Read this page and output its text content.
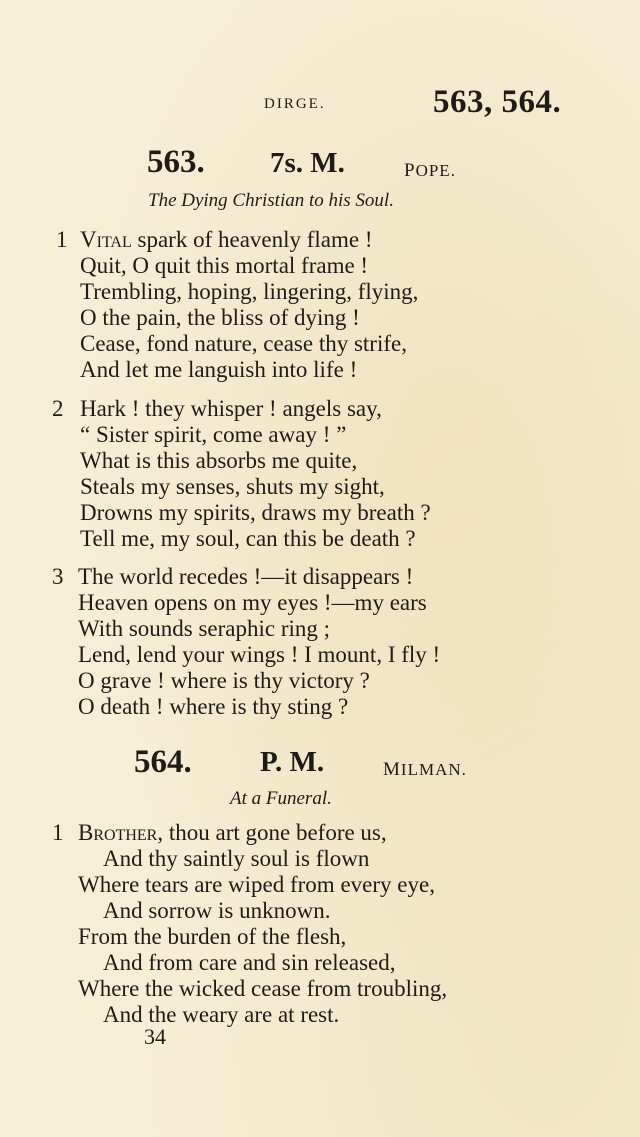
DIRGE.	563, 564.
563. 7s. M.	POPE.
The Dying Christian to his Soul.
1 Vital spark of heavenly flame !
Quit, O quit this mortal frame !
Trembling, hoping, lingering, flying,
O the pain, the bliss of dying !
Cease, fond nature, cease thy strife,
And let me languish into life !
2 Hark ! they whisper ! angels say,
“ Sister spirit, come away ! ”
What is this absorbs me quite,
Steals my senses, shuts my sight,
Drowns my spirits, draws my breath ?
Tell me, my soul, can this be death ?
3 The world recedes !—it disappears !
Heaven opens on my eyes !—my ears
With sounds seraphic ring ;
Lend, lend your wings ! I mount, I fly !
O grave ! where is thy victory ?
O death ! where is thy sting ?
564. P. M.	MILMAN.
At a Funeral.
1 Brother, thou art gone before us,
And thy saintly soul is flown
Where tears are wiped from every eye,
And sorrow is unknown.
From the burden of the flesh,
And from care and sin released,
Where the wicked cease from troubling,
And the weary are at rest.
34
